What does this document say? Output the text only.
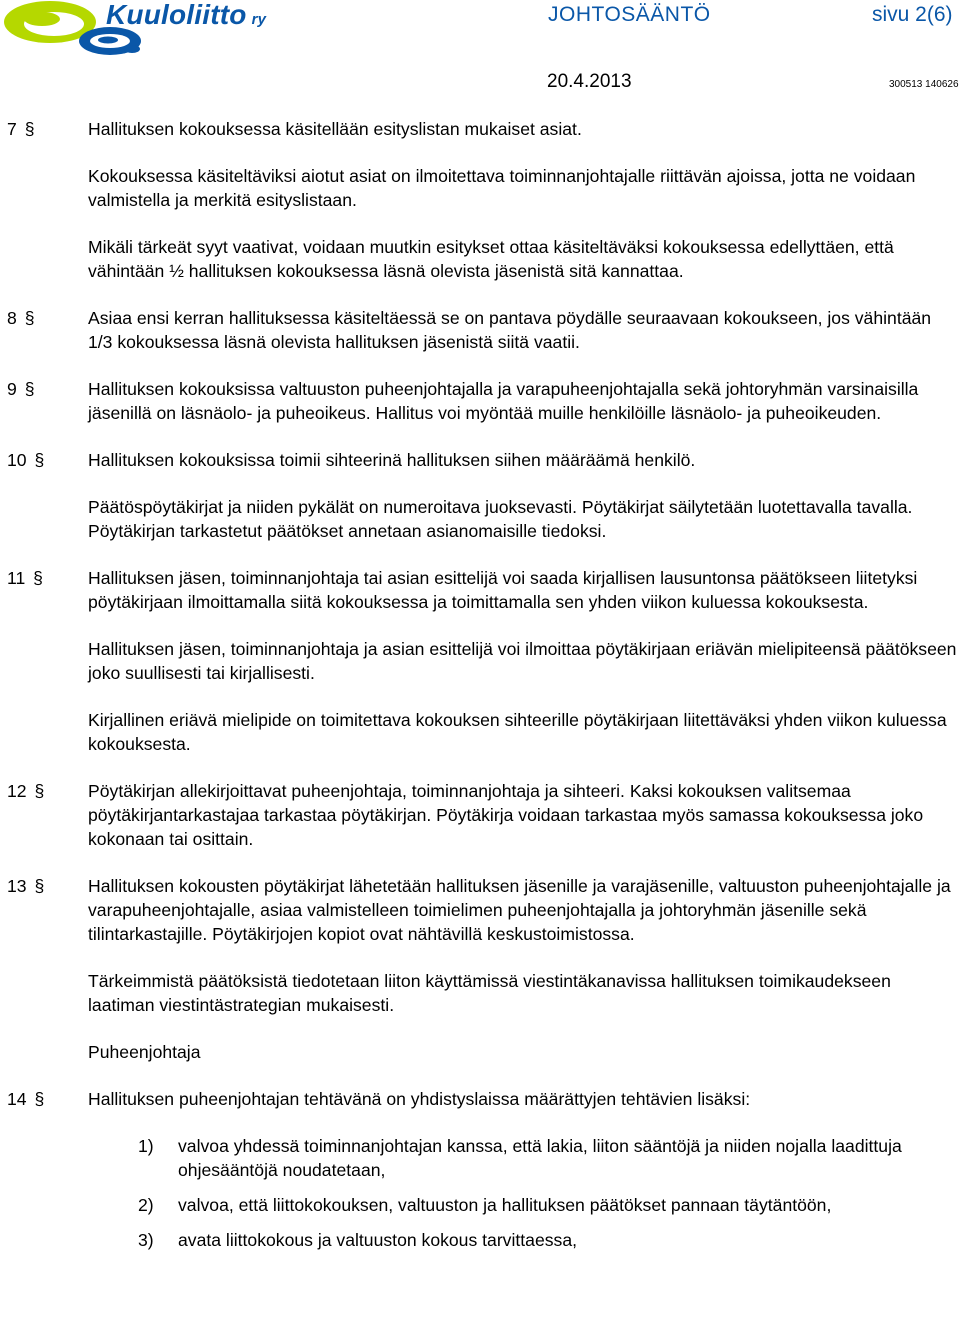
Kuuloliitto ry	JOHTOSÄÄNTÖ	sivu 2(6)
20.4.2013	300513 140626
7 §	Hallituksen kokouksessa käsitellään esityslistan mukaiset asiat.

Kokouksessa käsiteltäviksi aiotut asiat on ilmoitettava toiminnanjohtajalle riittävän ajoissa, jotta ne voidaan valmistella ja merkitä esityslistaan.

Mikäli tärkeät syyt vaativat, voidaan muutkin esitykset ottaa käsiteltäväksi kokouksessa edellyttäen, että vähintään ½ hallituksen kokouksessa läsnä olevista jäsenistä sitä kannattaa.

8 §	Asiaa ensi kerran hallituksessa käsiteltäessä se on pantava pöydälle seuraavaan kokoukseen, jos vähintään 1/3 kokouksessa läsnä olevista hallituksen jäsenistä siitä vaatii.

9 §	Hallituksen kokouksissa valtuuston puheenjohtajalla ja varapuheenjohtajalla sekä johtoryhmän varsinaisilla jäsenillä on läsnäolo- ja puheoikeus. Hallitus voi myöntää muille henkilöille läsnäolo- ja puheoikeuden.

10 § Hallituksen kokouksissa toimii sihteerinä hallituksen siihen määräämä henkilö.

Päätöspöytäkirjat ja niiden pykälät on numeroitava juoksevasti. Pöytäkirjat säilytetään luotettavalla tavalla. Pöytäkirjan tarkastetut päätökset annetaan asianomaisille tiedoksi.

11 §	Hallituksen jäsen, toiminnanjohtaja tai asian esittelijä voi saada kirjallisen lausuntonsa päätökseen liitetyksi pöytäkirjaan ilmoittamalla siitä kokouksessa ja toimittamalla sen yhden viikon kuluessa kokouksesta.

Hallituksen jäsen, toiminnanjohtaja ja asian esittelijä voi ilmoittaa pöytäkirjaan eriävän mielipiteensä päätökseen joko suullisesti tai kirjallisesti.

Kirjallinen eriävä mielipide on toimitettava kokouksen sihteerille pöytäkirjaan liitettäväksi yhden viikon kuluessa kokouksesta.

12 § Pöytäkirjan allekirjoittavat puheenjohtaja, toiminnanjohtaja ja sihteeri. Kaksi kokouksen valitsemaa pöytäkirjantarkastajaa tarkastaa pöytäkirjan. Pöytäkirja voidaan tarkastaa myös samassa kokouksessa joko kokonaan tai osittain.

13 § Hallituksen kokousten pöytäkirjat lähetetään hallituksen jäsenille ja varajäsenille, valtuuston puheenjohtajalle ja varapuheenjohtajalle, asiaa valmistelleen toimielimen puheenjohtajalla ja johtoryhmän jäsenille sekä tilintarkastajille. Pöytäkirjojen kopiot ovat nähtävillä keskustoimistossa.

Tärkeimmistä päätöksistä tiedotetaan liiton käyttämissä viestintäkanavissa hallituksen toimikaudekseen laatiman viestintästrategian mukaisesti.

Puheenjohtaja

14 § Hallituksen puheenjohtajan tehtävänä on yhdistyslaissa määrättyjen tehtävien lisäksi:

1) valvoa yhdessä toiminnanjohtajan kanssa, että lakia, liiton sääntöjä ja niiden nojalla laadittuja ohjesääntöjä noudatetaan,
2) valvoa, että liittokokouksen, valtuuston ja hallituksen päätökset pannaan täytäntöön,
3) avata liittokokous ja valtuuston kokous tarvittaessa,
